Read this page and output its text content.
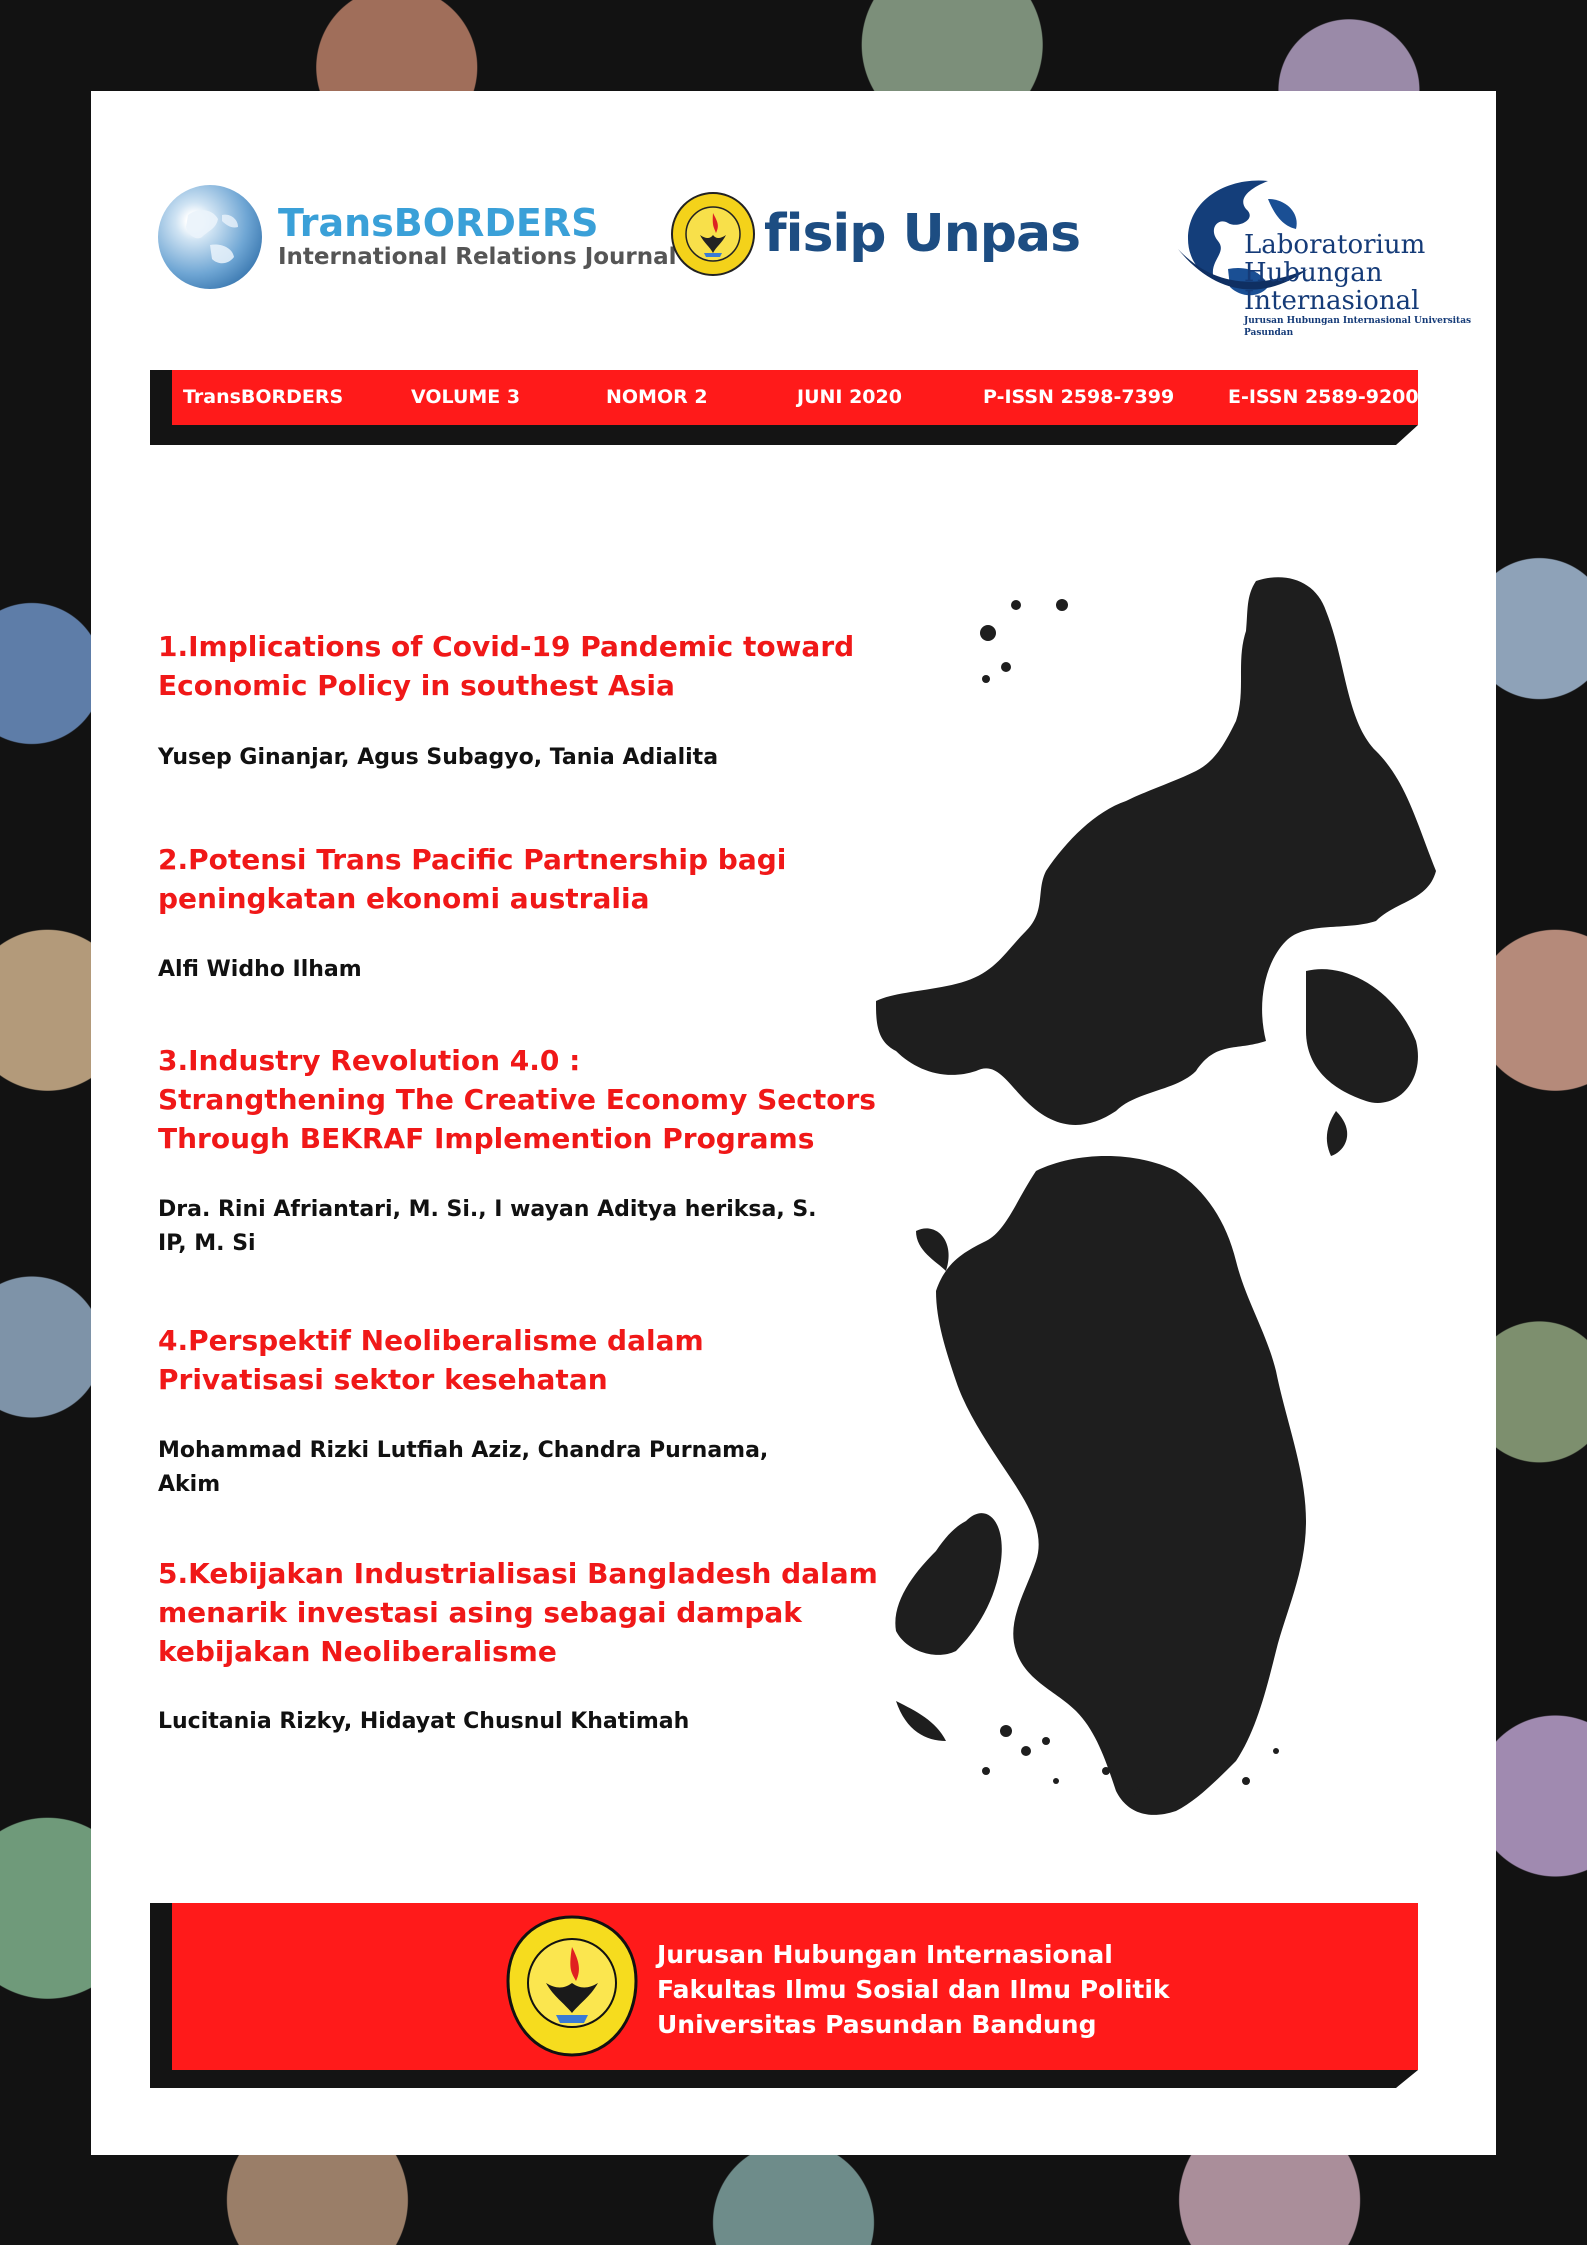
TransBORDERS
International Relations Journal fisip Unpas	Laboratorium
Hubungan Internasional
Jurusan Hubungan Internasional Universitas Pasundan
TransBORDERS	VOLUME 3	NOMOR 2	JUNI 2020	P-ISSN 2598-7399	E-ISSN 2589-9200
1.Implications of Covid-19 Pandemic toward
Economic Policy in southest Asia
Yusep Ginanjar, Agus Subagyo, Tania Adialita
2.Potensi Trans Pacific Partnership bagi
peningkatan ekonomi australia
Alfi Widho Ilham
3.Industry Revolution 4.0 :
Strangthening The Creative Economy Sectors
Through BEKRAF Implemention Programs
Dra. Rini Afriantari, M. Si., I wayan Aditya heriksa, S. IP, M. Si
4.Perspektif Neoliberalisme dalam
Privatisasi sektor kesehatan
Mohammad Rizki Lutfiah Aziz, Chandra Purnama, Akim
5.Kebijakan Industrialisasi Bangladesh dalam
menarik investasi asing sebagai dampak
kebijakan Neoliberalisme
Lucitania Rizky, Hidayat Chusnul Khatimah
Jurusan Hubungan Internasional
Fakultas Ilmu Sosial dan Ilmu Politik
Universitas Pasundan Bandung
